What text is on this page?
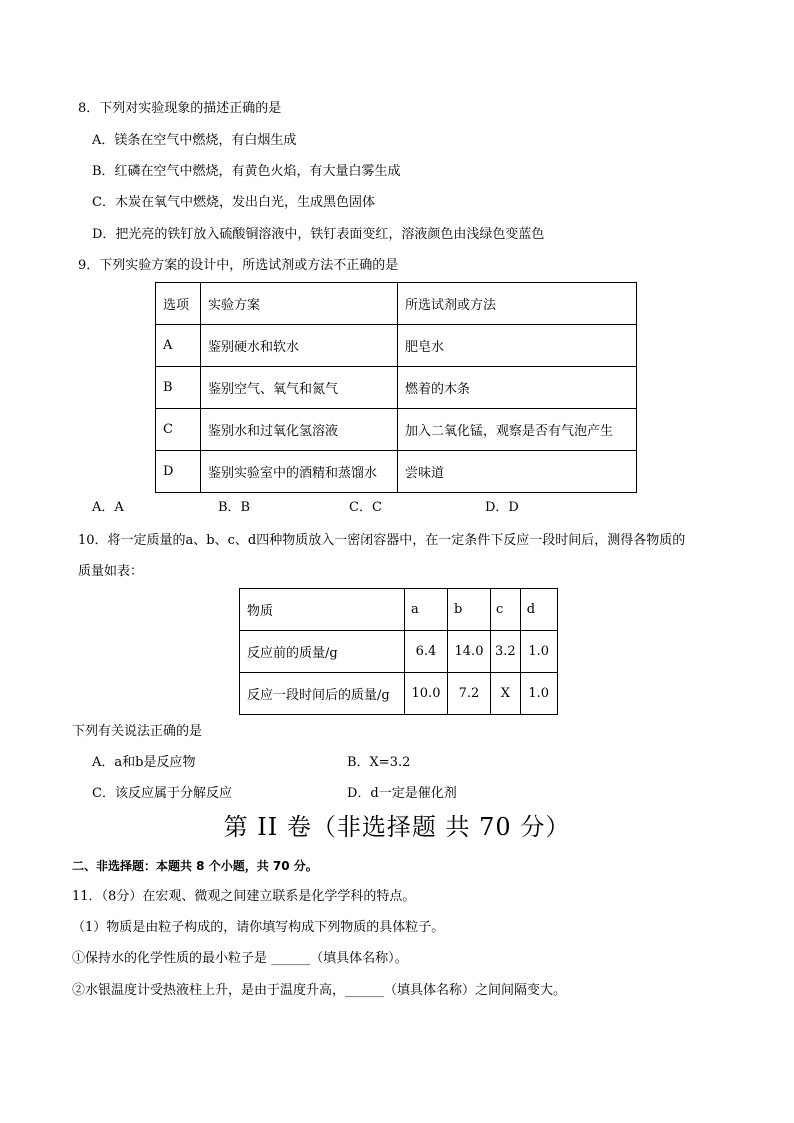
8．下列对实验现象的描述正确的是
A．镁条在空气中燃烧，有白烟生成
B．红磷在空气中燃烧，有黄色火焰，有大量白雾生成
C．木炭在氧气中燃烧，发出白光，生成黑色固体
D．把光亮的铁钉放入硫酸铜溶液中，铁钉表面变红，溶液颜色由浅绿色变蓝色
9．下列实验方案的设计中，所选试剂或方法不正确的是
选项	实验方案	所选试剂或方法
A	鉴别硬水和软水	肥皂水
B	鉴别空气、氧气和氮气	燃着的木条
C	鉴别水和过氧化氢溶液	加入二氧化锰，观察是否有气泡产生
D	鉴别实验室中的酒精和蒸馏水	尝味道
A．A	B．B	C．C	D．D
10．将一定质量的a、b、c、d四种物质放入一密闭容器中，在一定条件下反应一段时间后，测得各物质的
质量如表：
物质	a	b	c	d
反应前的质量/g	6.4	14.0	3.2	1.0
反应一段时间后的质量/g	10.0	7.2	X	1.0
下列有关说法正确的是
A．a和b是反应物	B．X=3.2
C．该反应属于分解反应	D．d一定是催化剂
第 II 卷（非选择题 共 70 分）
二、非选择题：本题共 8 个小题，共 70 分。
11．（8分）在宏观、微观之间建立联系是化学学科的特点。
（1）物质是由粒子构成的，请你填写构成下列物质的具体粒子。
①保持水的化学性质的最小粒子是 ______（填具体名称）。
②水银温度计受热液柱上升，是由于温度升高，______（填具体名称）之间间隔变大。
